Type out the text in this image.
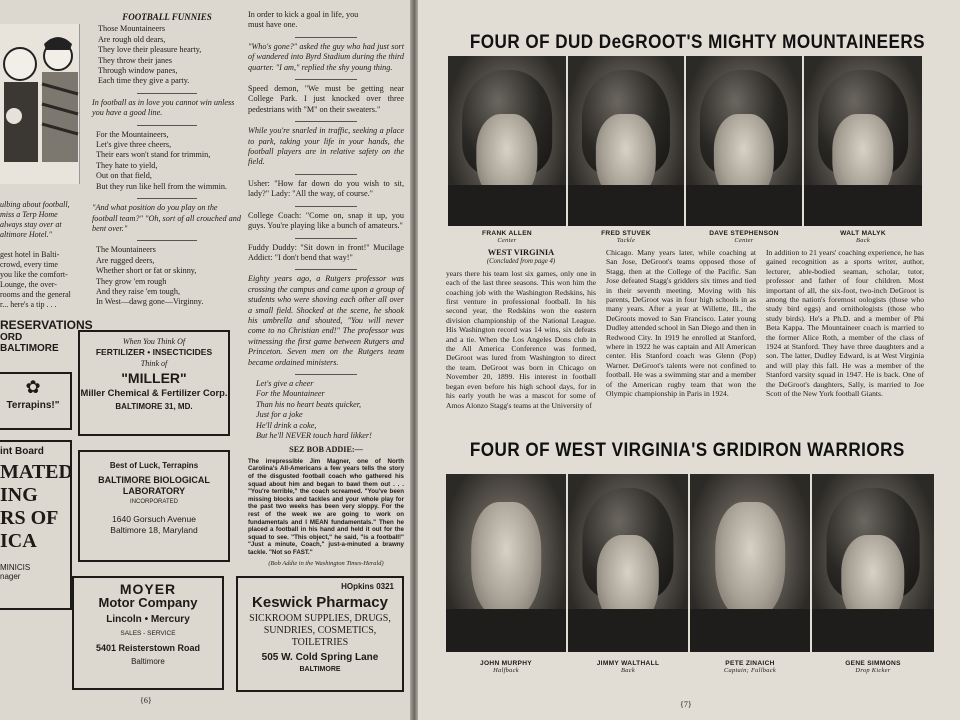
ulbing about football,
miss a Terp Home
always stay over at
altimore Hotel."
gest hotel in Balti-
crowd, every time
you like the comfort-
Lounge, the over-
rooms and the general
r... here's a tip . . .
RESERVATIONS
ORD BALTIMORE
✿
Terrapins!"
int Board
MATED
ING
RS OF
ICA
MINICIS
nager
FOOTBALL FUNNIES
Those Mountaineers
Are rough old dears,
They love their pleasure hearty,
They throw their janes
Through window panes,
Each time they give a party.

In football as in love you cannot win unless you have a good line.

For the Mountaineers,
Let's give three cheers,
Their ears won't stand for trimmin,
They hate to yield,
Out on that field,
But they run like hell from the wimmin.

"And what position do you play on the football team?" "Oh, sort of all crouched and bent over."

The Mountaineers
Are rugged deers,
Whether short or fat or skinny,
They grow 'em rough
And they raise 'em tough,
In West—dawg gone—Virginny.
When You Think Of
FERTILIZER • INSECTICIDES
Think of
"MILLER"
Miller Chemical & Fertilizer Corp.
BALTIMORE 31, MD.
Best of Luck, Terrapins
BALTIMORE BIOLOGICAL
LABORATORY
INCORPORATED
1640 Gorsuch Avenue
Baltimore 18, Maryland
MOYER
Motor Company
Lincoln • Mercury
SALES - SERVICE
5401 Reisterstown Road
Baltimore
In order to kick a goal in life, you

must have one.

"Who's gone?" asked the guy who had just sort of wandered into Byrd Stadium during the third quarter. "I am," replied the shy young thing.

Speed demon, "We must be getting near College Park. I just knocked over three pedestrians with "M" on their sweaters."

While you're snarled in traffic, seeking a place to park, taking your life in your hands, the football players are in relative safety on the field.

Usher: "How far down do you wish to sit, lady?" Lady: "All the way, of course."

College Coach: "Come on, snap it up, you guys. You're playing like a bunch of amateurs."

Fuddy Duddy: "Sit down in front!" Mucilage Addict: "I don't bend that way!"

Eighty years ago, a Rutgers professor was crossing the campus and came upon a group of students who were shoving each other all over a small field. Shocked at the scene, he shook his umbrella and shouted, "You will never come to no Christian end!" The professor was witnessing the first game between Rutgers and Princeton. Seven men on the Rutgers team became ordained ministers.

Let's give a cheer
For the Mountaineer
Than his no heart beats quicker,
Just for a joke
He'll drink a coke,
But he'll NEVER touch hard likker!
SEZ BOB ADDIE:—
The irrepressible Jim Magner, one of North Carolina's All-Americans a few years tells the story of the disgusted football coach who gathered his squad about him and began to bawl them out . . . "You're terrible," the coach screamed. "You've been missing blocks and tackles and your whole play for the past two weeks has been very sloppy. For the rest of the week we are going to work on fundamentals and I MEAN fundamentals." Then he placed a football in his hand and held it out for the squad to see. "This object," he said, "is a football!" "Just a minute, Coach," just-a-minuted a brawny tackle. "Not so FAST."
(Bob Addie in the Washington Times-Herald)
HOpkins 0321
Keswick Pharmacy
SICKROOM SUPPLIES, DRUGS,
SUNDRIES, COSMETICS,
TOILETRIES
505 W. Cold Spring Lane
BALTIMORE
{6}
FOUR OF DUD DeGROOT'S MIGHTY MOUNTAINEERS
FRANK ALLEN
Center
FRED STUVEK
Tackle
DAVE STEPHENSON
Center
WALT MALYK
Back
WEST VIRGINIA
(Concluded from page 4)
years there his team lost six games, only one in each of the last three seasons. This won him the coaching job with the Washington Redskins, his first venture in professional football. In his second year, the Redskins won the eastern division championship of the National League. His Washington record was 14 wins, six defeats and a tie. When the Los Angeles Dons club in the All America Conference was formed, DeGroot was lured from Washington to direct the team. DeGroot was born in Chicago on November 20, 1899. His interest in football began even before his high school days, for in his early youth he was a mascot for some of Amos Alonzo Stagg's teams at the University of
Chicago. Many years later, while coaching at San Jose, DeGroot's teams opposed those of Stagg, then at the College of the Pacific. San Jose defeated Stagg's gridders six times and tied in their seventh meeting. Moving with his parents, DeGroot was in four high schools in as many years. After a year at Willette, Ill., the DeGroots moved to San Francisco. Later young Dudley attended school in San Diego and then in Redwood City. In 1919 he enrolled at Stanford, where in 1922 he was captain and All American center. His Stanford coach was Glenn (Pop) Warner. DeGroot's talents were not confined to football. He was a swimming star and a member of the American rugby team that won the Olympic championship in Paris in 1924.
In addition to 21 years' coaching experience, he has gained recognition as a sports writer, author, lecturer, able-bodied seaman, scholar, tutor, professor and father of four children. Most important of all, the six-foot, two-inch DeGroot is among the nation's foremost oologists (those who study bird eggs) and ornithologists (those who study birds). He's a Ph.D. and a member of Phi Beta Kappa. The Mountaineer coach is married to the former Alice Roth, a member of the class of 1924 at Stanford. They have three daughters and a son. The latter, Dudley Edward, is at West Virginia and will play this fall. He was a member of the Stanford varsity squad in 1947. He is back. One of the DeGroot's daughters, Sally, is married to Joe Scott of the New York football Giants.
FOUR OF WEST VIRGINIA'S GRIDIRON WARRIORS
JOHN MURPHY
Halfback
JIMMY WALTHALL
Back
PETE ZINAICH
Captain; Fullback
GENE SIMMONS
Drop Kicker
{7}
